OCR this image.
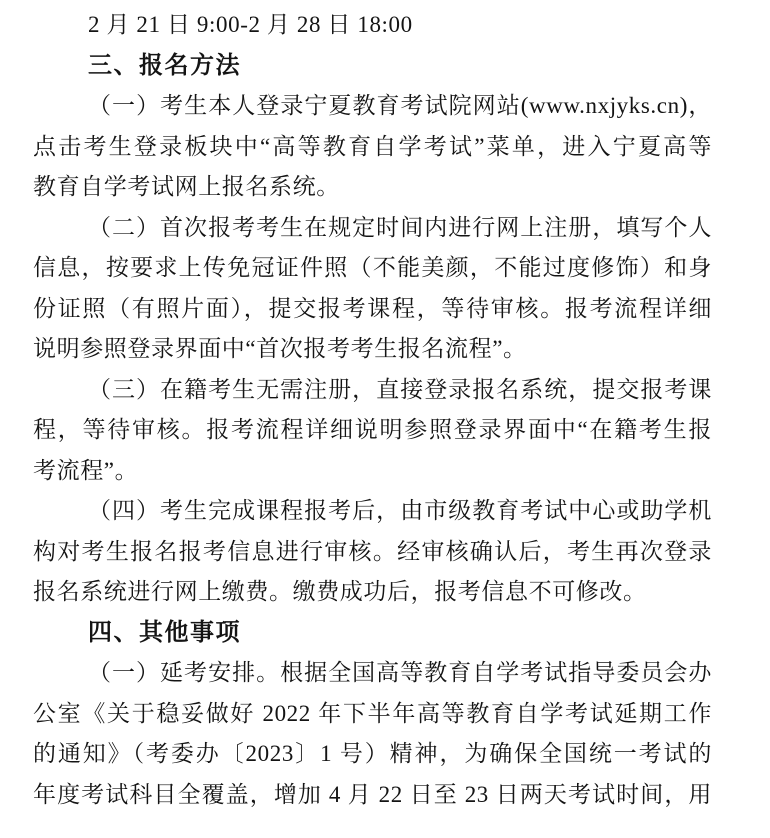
2 月 21 日 9:00-2 月 28 日 18:00
三、报名方法
（一）考生本人登录宁夏教育考试院网站(www.nxjyks.cn)，
点击考生登录板块中“高等教育自学考试”菜单，进入宁夏高等
教育自学考试网上报名系统。
（二）首次报考考生在规定时间内进行网上注册，填写个人
信息，按要求上传免冠证件照（不能美颜，不能过度修饰）和身
份证照（有照片面），提交报考课程，等待审核。报考流程详细
说明参照登录界面中“首次报考考生报名流程”。
（三）在籍考生无需注册，直接登录报名系统，提交报考课
程，等待审核。报考流程详细说明参照登录界面中“在籍考生报
考流程”。
（四）考生完成课程报考后，由市级教育考试中心或助学机
构对考生报名报考信息进行审核。经审核确认后，考生再次登录
报名系统进行网上缴费。缴费成功后，报考信息不可修改。
四、其他事项
（一）延考安排。根据全国高等教育自学考试指导委员会办
公室《关于稳妥做好 2022 年下半年高等教育自学考试延期工作
的通知》（考委办〔2023〕1 号）精神，为确保全国统一考试的
年度考试科目全覆盖，增加 4 月 22 日至 23 日两天考试时间，用
